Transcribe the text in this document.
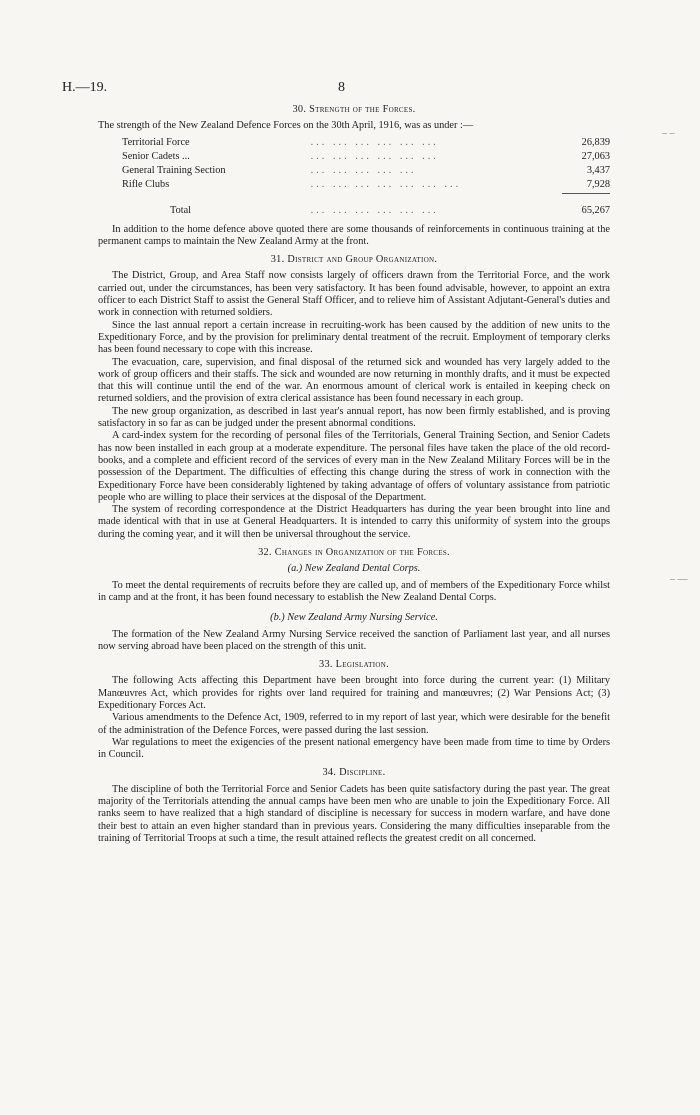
H.—19.	8
– –
– ––
30. Strength of the Forces.

The strength of the New Zealand Defence Forces on the 30th April, 1916, was as under :—

Territorial Force	... ... ... ... ... ...	26,839
Senior Cadets ...	... ... ... ... ... ...	27,063
General Training Section	... ... ... ... ...	3,437
Rifle Clubs	... ... ... ... ... ... ...	7,928

Total	... ... ... ... ... ...	65,267

In addition to the home defence above quoted there are some thousands of reinforcements in continuous training at the permanent camps to maintain the New Zealand Army at the front.

31. District and Group Organization.

The District, Group, and Area Staff now consists largely of officers drawn from the Territorial Force, and the work carried out, under the circumstances, has been very satisfactory. It has been found advisable, however, to appoint an extra officer to each District Staff to assist the General Staff Officer, and to relieve him of Assistant Adjutant-General's duties and work in connection with returned soldiers.

Since the last annual report a certain increase in recruiting-work has been caused by the addition of new units to the Expeditionary Force, and by the provision for preliminary dental treatment of the recruit. Employment of temporary clerks has been found necessary to cope with this increase.

The evacuation, care, supervision, and final disposal of the returned sick and wounded has very largely added to the work of group officers and their staffs. The sick and wounded are now returning in monthly drafts, and it must be expected that this will continue until the end of the war. An enormous amount of clerical work is entailed in keeping check on returned soldiers, and the provision of extra clerical assistance has been found necessary in each group.

The new group organization, as described in last year's annual report, has now been firmly established, and is proving satisfactory in so far as can be judged under the present abnormal conditions.

A card-index system for the recording of personal files of the Territorials, General Training Section, and Senior Cadets has now been installed in each group at a moderate expenditure. The personal files have taken the place of the old record-books, and a complete and efficient record of the services of every man in the New Zealand Military Forces will be in the possession of the Department. The difficulties of effecting this change during the stress of work in connection with the Expeditionary Force have been considerably lightened by taking advantage of offers of voluntary assistance from patriotic people who are willing to place their services at the disposal of the Department.

The system of recording correspondence at the District Headquarters has during the year been brought into line and made identical with that in use at General Headquarters. It is intended to carry this uniformity of system into the groups during the coming year, and it will then be universal throughout the service.

32. Changes in Organization of the Forces.
(a.) New Zealand Dental Corps.

To meet the dental requirements of recruits before they are called up, and of members of the Expeditionary Force whilst in camp and at the front, it has been found necessary to establish the New Zealand Dental Corps.

(b.) New Zealand Army Nursing Service.

The formation of the New Zealand Army Nursing Service received the sanction of Parliament last year, and all nurses now serving abroad have been placed on the strength of this unit.

33. Legislation.

The following Acts affecting this Department have been brought into force during the current year: (1) Military Manœuvres Act, which provides for rights over land required for training and manœuvres; (2) War Pensions Act; (3) Expeditionary Forces Act.

Various amendments to the Defence Act, 1909, referred to in my report of last year, which were desirable for the benefit of the administration of the Defence Forces, were passed during the last session.

War regulations to meet the exigencies of the present national emergency have been made from time to time by Orders in Council.

34. Discipline.

The discipline of both the Territorial Force and Senior Cadets has been quite satisfactory during the past year. The great majority of the Territorials attending the annual camps have been men who are unable to join the Expeditionary Force. All ranks seem to have realized that a high standard of discipline is necessary for success in modern warfare, and have done their best to attain an even higher standard than in previous years. Considering the many difficulties inseparable from the training of Territorial Troops at such a time, the result attained reflects the greatest credit on all concerned.
